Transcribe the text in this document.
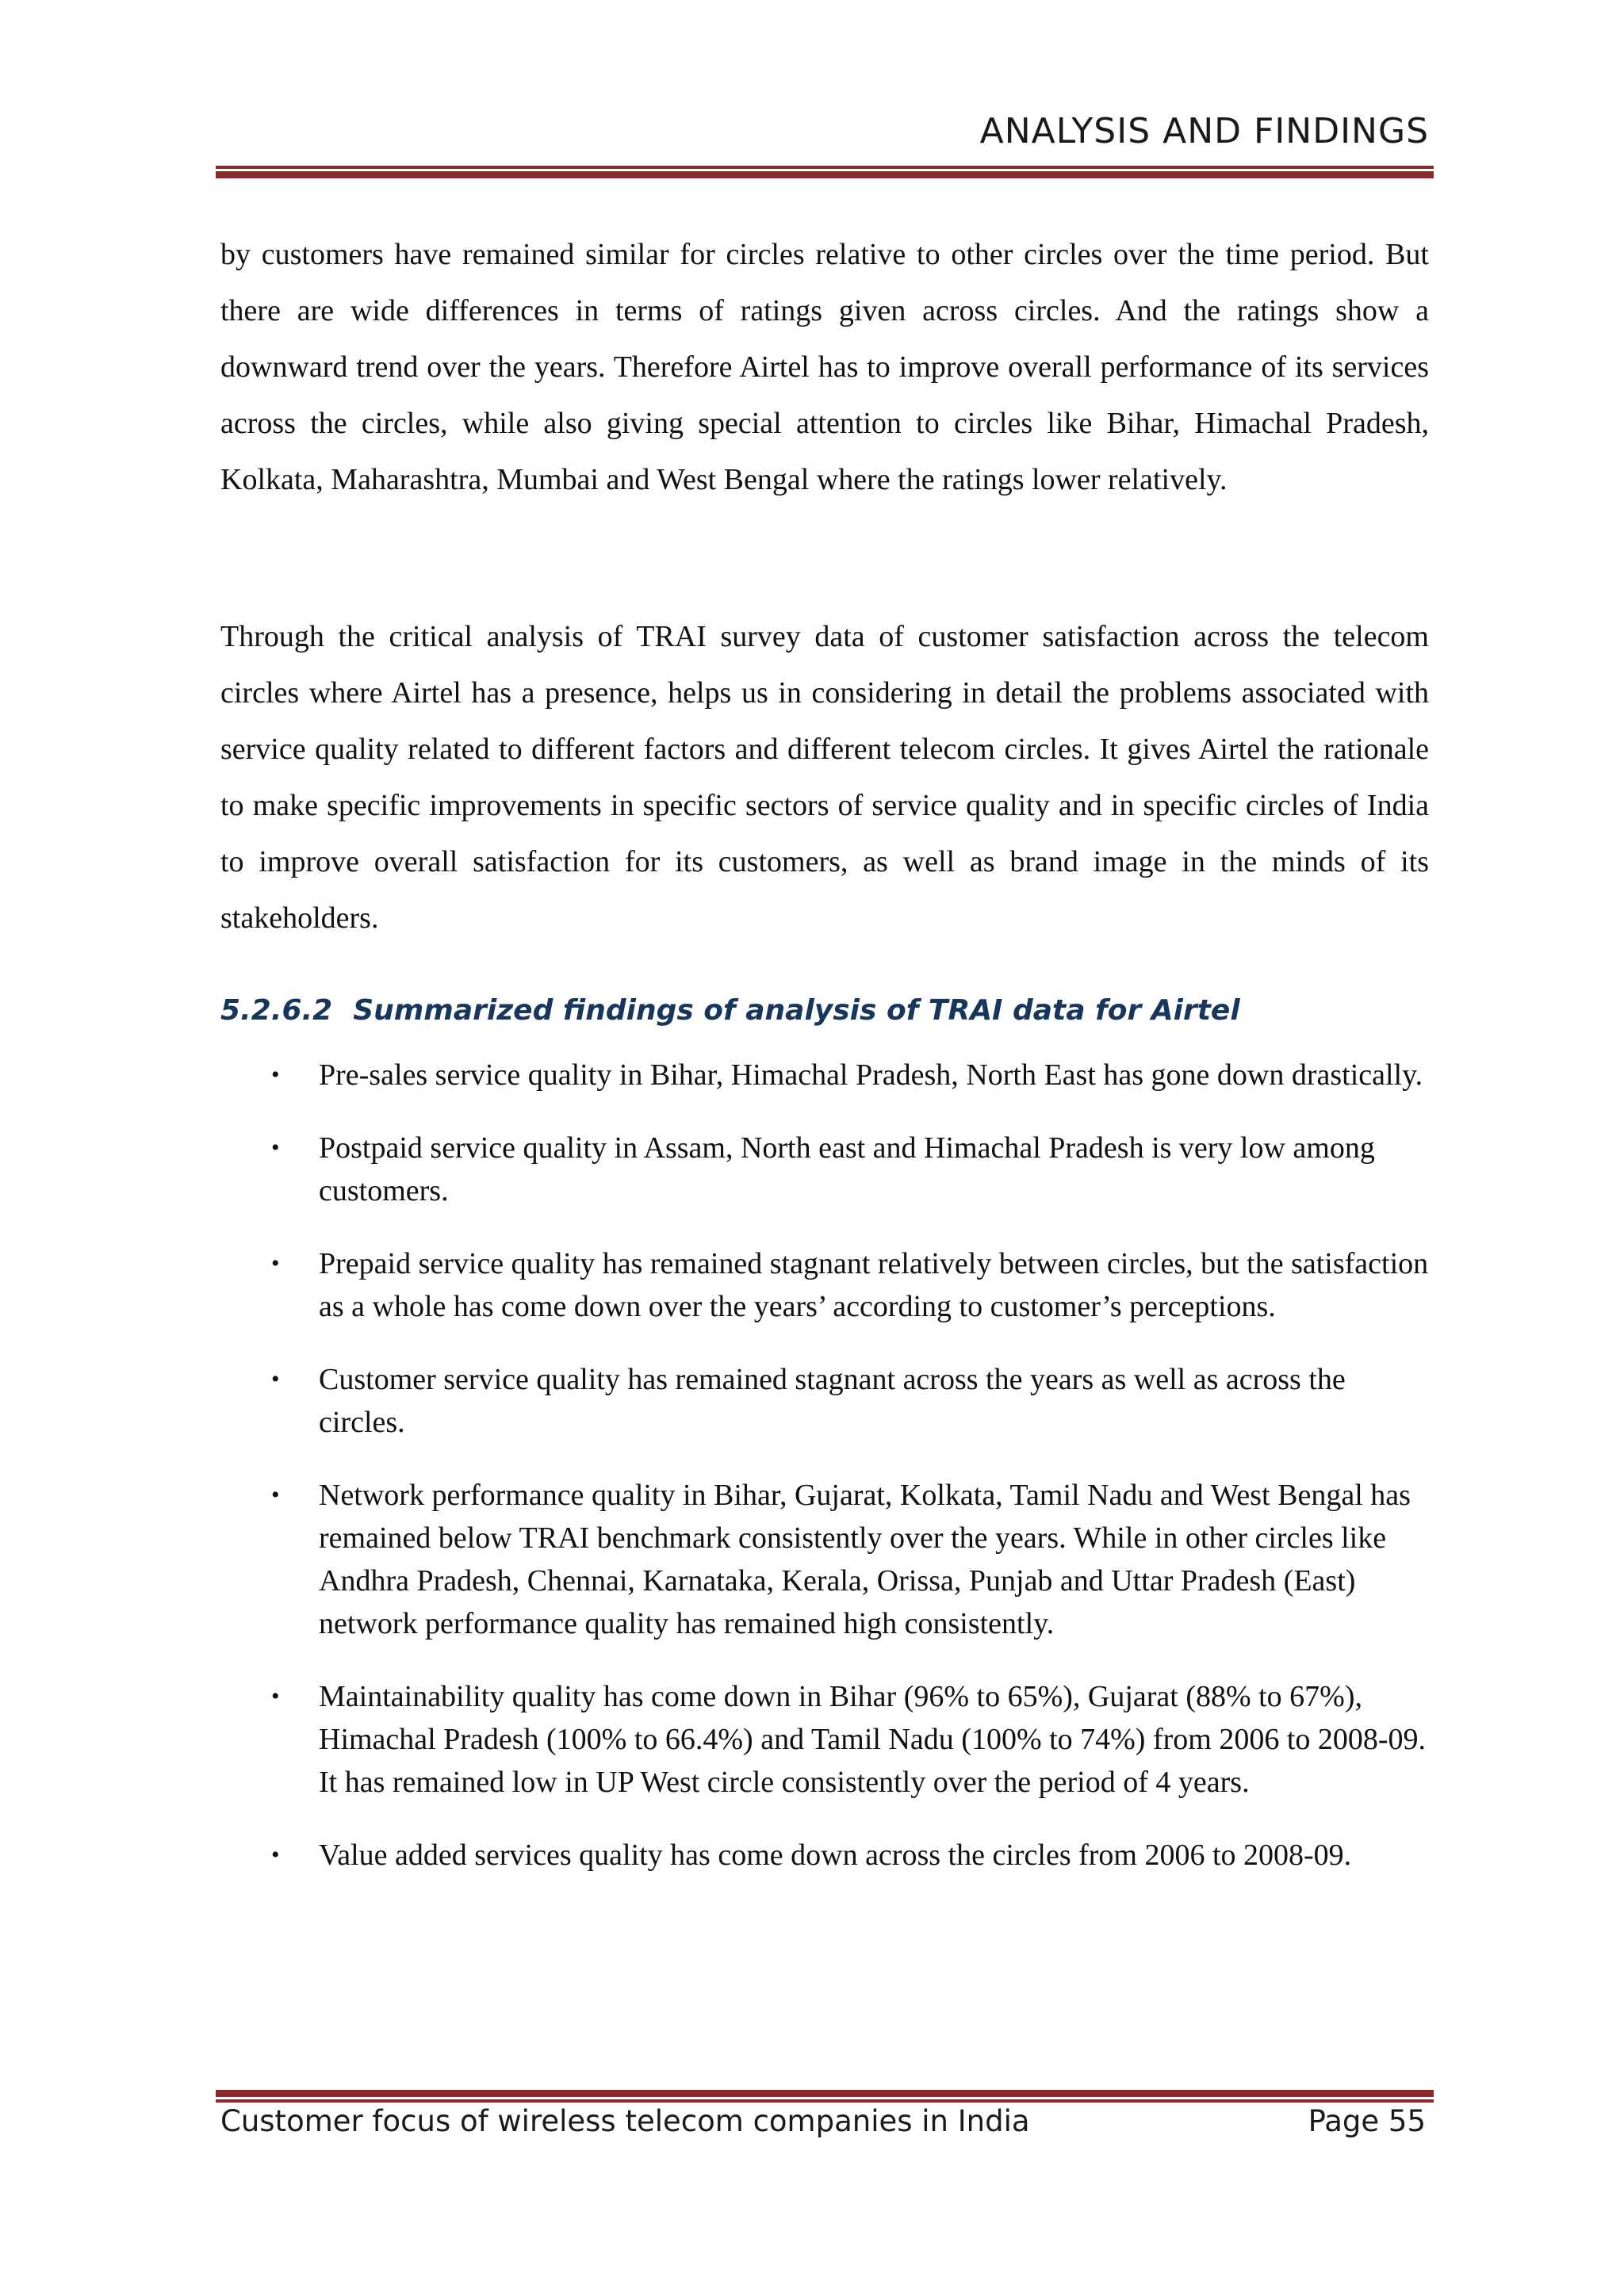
ANALYSIS AND FINDINGS

by customers have remained similar for circles relative to other circles over the time period. But there are wide differences in terms of ratings given across circles. And the ratings show a downward trend over the years. Therefore Airtel has to improve overall performance of its services across the circles, while also giving special attention to circles like Bihar, Himachal Pradesh, Kolkata, Maharashtra, Mumbai and West Bengal where the ratings lower relatively.

Through the critical analysis of TRAI survey data of customer satisfaction across the telecom circles where Airtel has a presence, helps us in considering in detail the problems associated with service quality related to different factors and different telecom circles. It gives Airtel the rationale to make specific improvements in specific sectors of service quality and in specific circles of India to improve overall satisfaction for its customers, as well as brand image in the minds of its stakeholders.

5.2.6.2 Summarized findings of analysis of TRAI data for Airtel
• Pre-sales service quality in Bihar, Himachal Pradesh, North East has gone down drastically.
• Postpaid service quality in Assam, North east and Himachal Pradesh is very low among customers.
• Prepaid service quality has remained stagnant relatively between circles, but the satisfaction as a whole has come down over the years’ according to customer’s perceptions.
• Customer service quality has remained stagnant across the years as well as across the circles.
• Network performance quality in Bihar, Gujarat, Kolkata, Tamil Nadu and West Bengal has remained below TRAI benchmark consistently over the years. While in other circles like Andhra Pradesh, Chennai, Karnataka, Kerala, Orissa, Punjab and Uttar Pradesh (East) network performance quality has remained high consistently.
• Maintainability quality has come down in Bihar (96% to 65%), Gujarat (88% to 67%), Himachal Pradesh (100% to 66.4%) and Tamil Nadu (100% to 74%) from 2006 to 2008-09. It has remained low in UP West circle consistently over the period of 4 years.
• Value added services quality has come down across the circles from 2006 to 2008-09.
Customer focus of wireless telecom companies in India	Page 55
